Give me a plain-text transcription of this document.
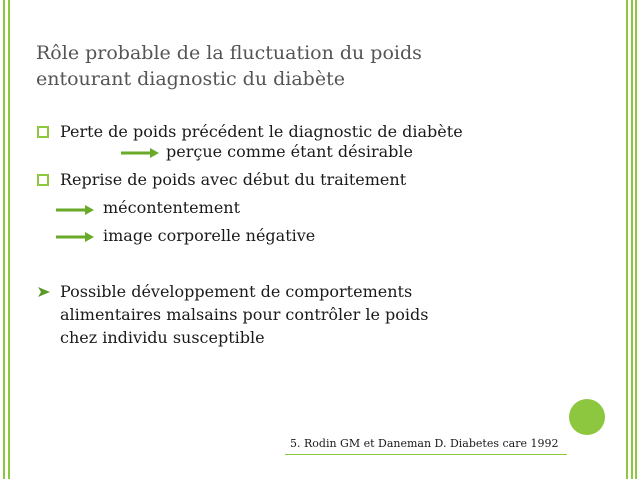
Rôle probable de la fluctuation du poids
entourant diagnostic du diabète
Perte de poids précédent le diagnostic de diabète
perçue comme étant désirable
Reprise de poids avec début du traitement
mécontentement
image corporelle négative
Possible développement de comportements
alimentaires malsains pour contrôler le poids
chez individu susceptible
5. Rodin GM et Daneman D. Diabetes care 1992
